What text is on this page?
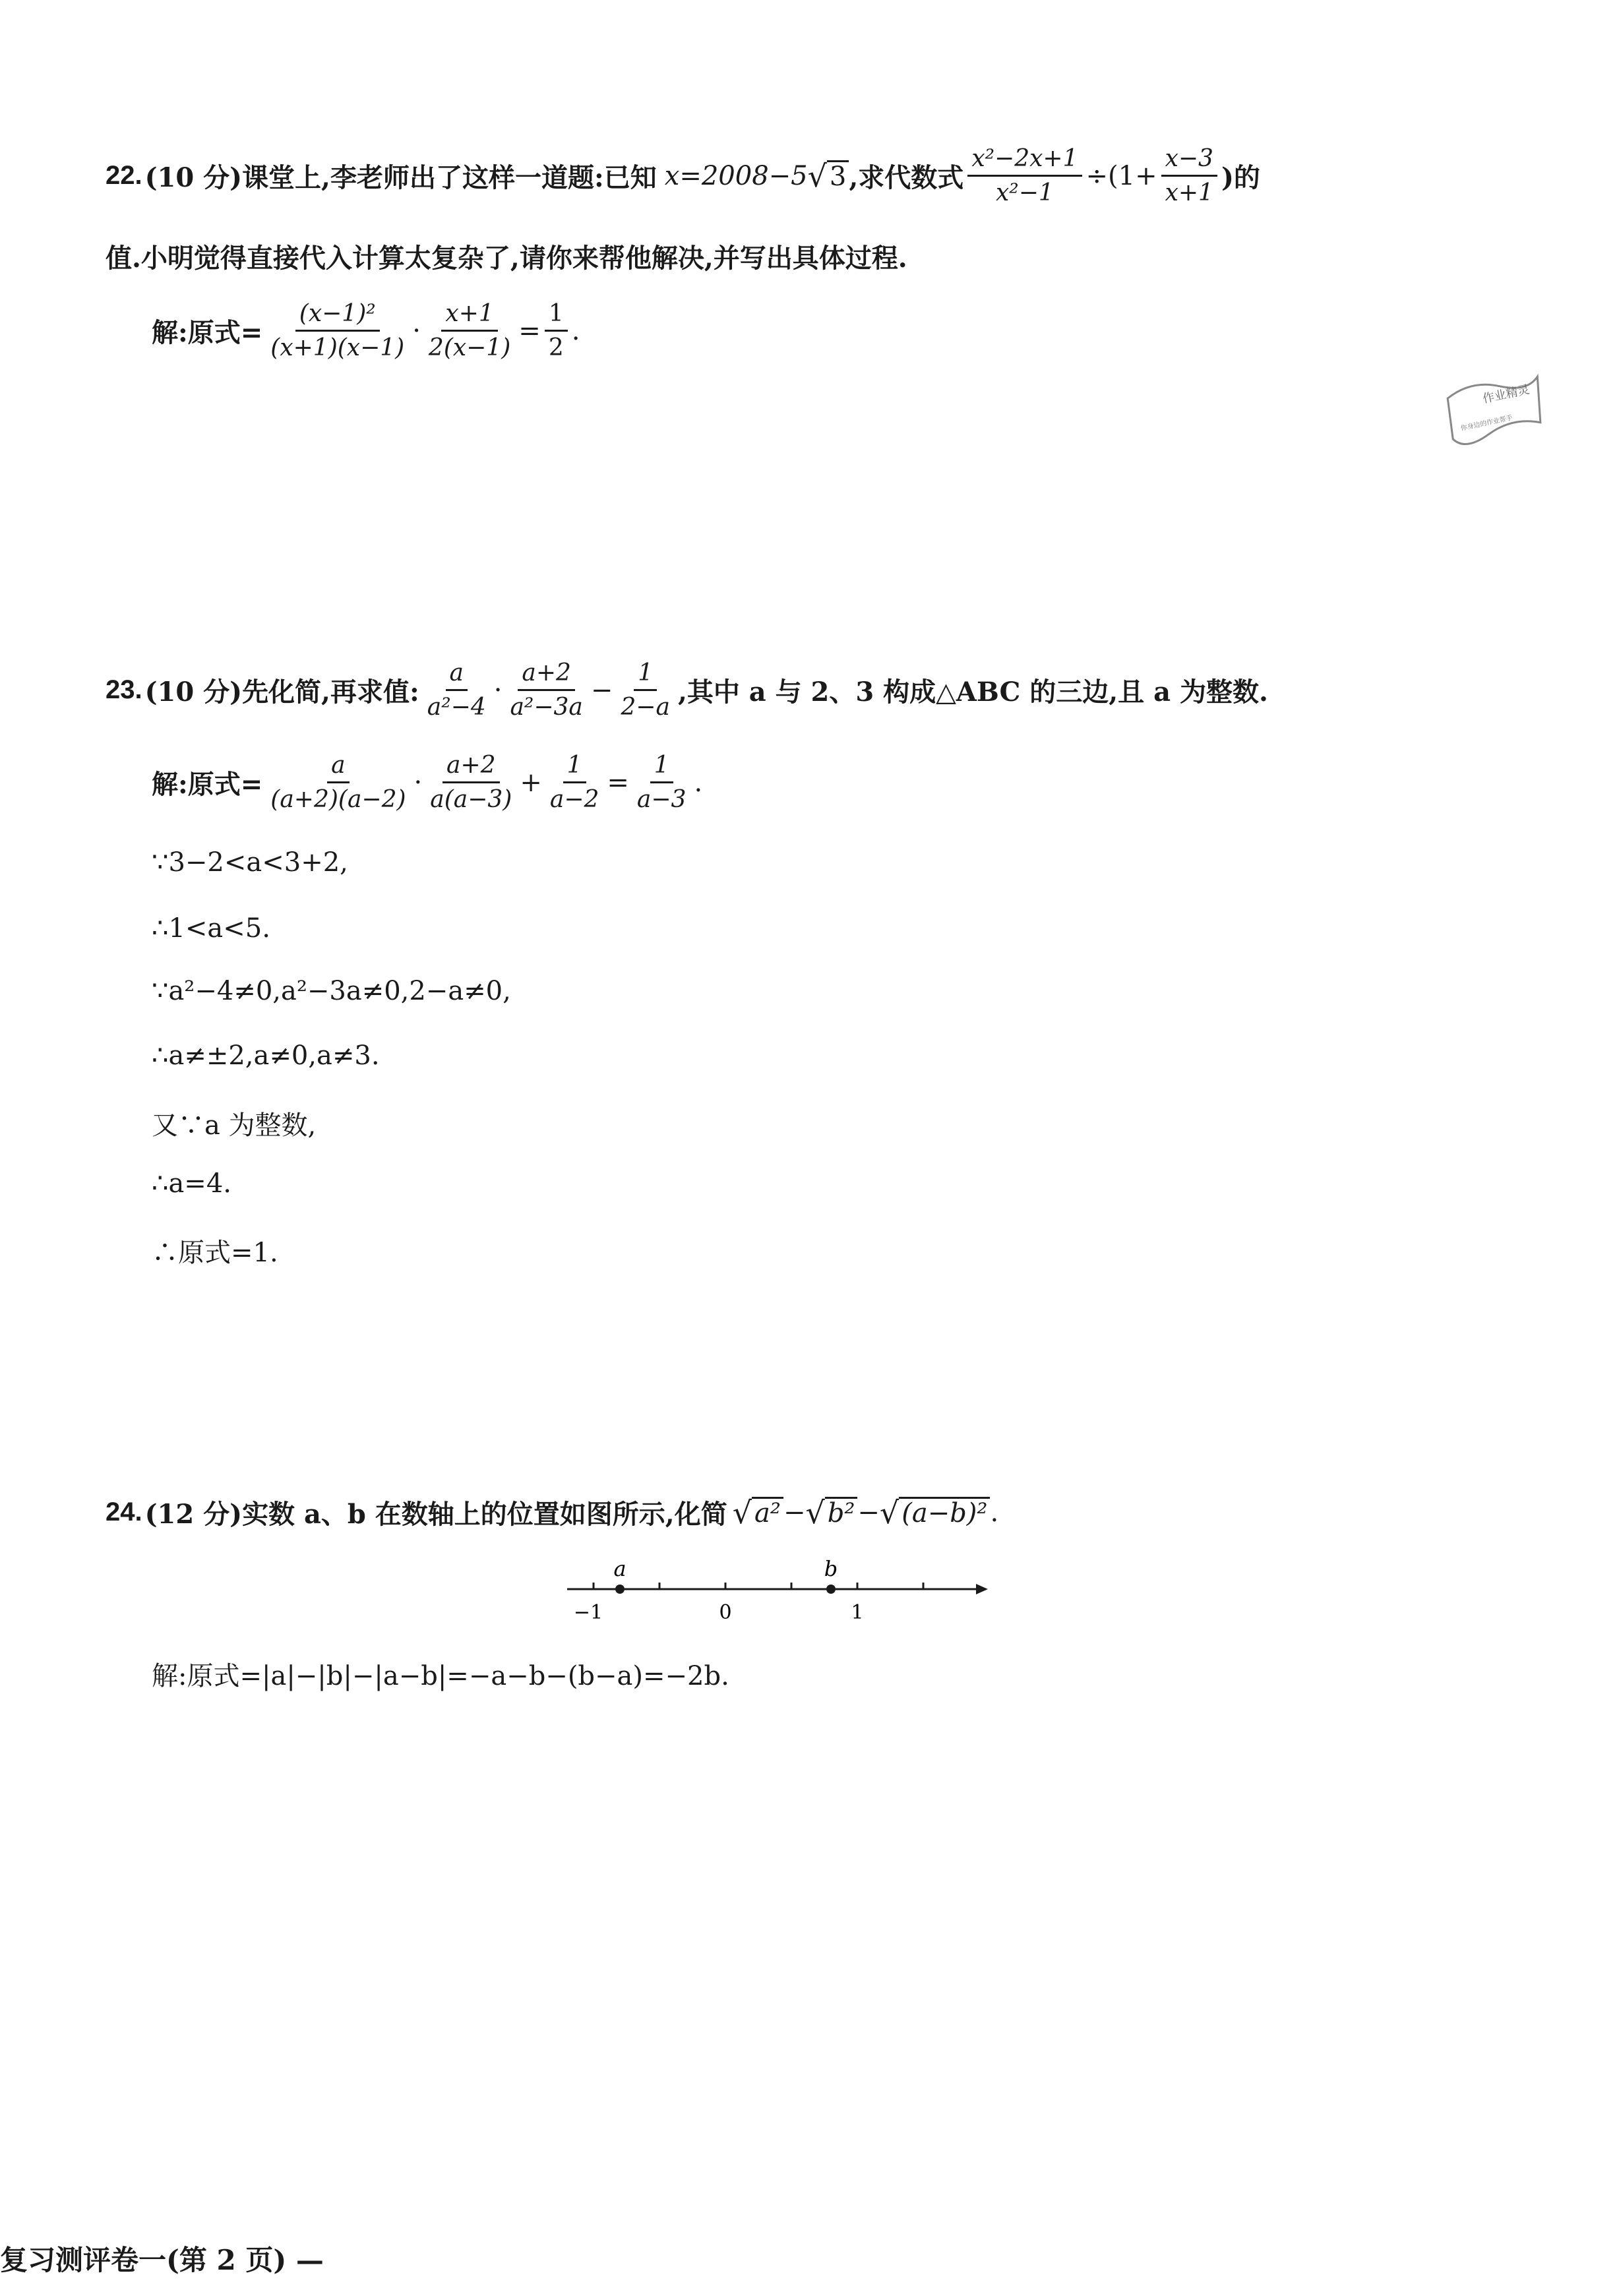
22. (10 分) 课堂上,李老师出了这样一道题:已知 x=2008−5 √ 3 ,求代数式 $\frac{\text{x²−2x+1}}{\text{x²−1}} \div(1+ \frac{x-3}{x+1}$ )的
值.小明觉得直接代入计算太复杂了,请你来帮他解决,并写出具体过程.
解:原式= $\frac{\text{(x−1)²}}{(x+1)(x-1)} \cdot \frac{x+1}{2(x-1)} = \frac{1}{2}$ .
作业精灵
你身边的作业帮手
23. (10 分) 先化简,再求值: $\frac{a}{\text{a²−4}} \cdot \frac{a+2}{\text{a²−3a}} - \frac{1}{2-a}$ ,其中 a 与 2、3 构成△ABC 的三边,且 a 为整数.
解:原式= $\frac{a}{(a+2)(a-2)} \cdot \frac{a+2}{a(a-3)} + \frac{1}{a-2} = \frac{1}{a-3}$ .
∵3−2<a<3+2,
∴1<a<5.
∵a²−4≠0,a²−3a≠0,2−a≠0,
∴a≠±2,a≠0,a≠3.
又∵a 为整数,
∴a=4.
∴原式=1.
24. (12 分) 实数 a、b 在数轴上的位置如图所示,化简 √ a² − √ b² − √ (a−b)² .
a	b
−1	0	1
解:原式=|a|−|b|−|a−b|=−a−b−(b−a)=−2b.
复习测评卷一(第 2 页) —
